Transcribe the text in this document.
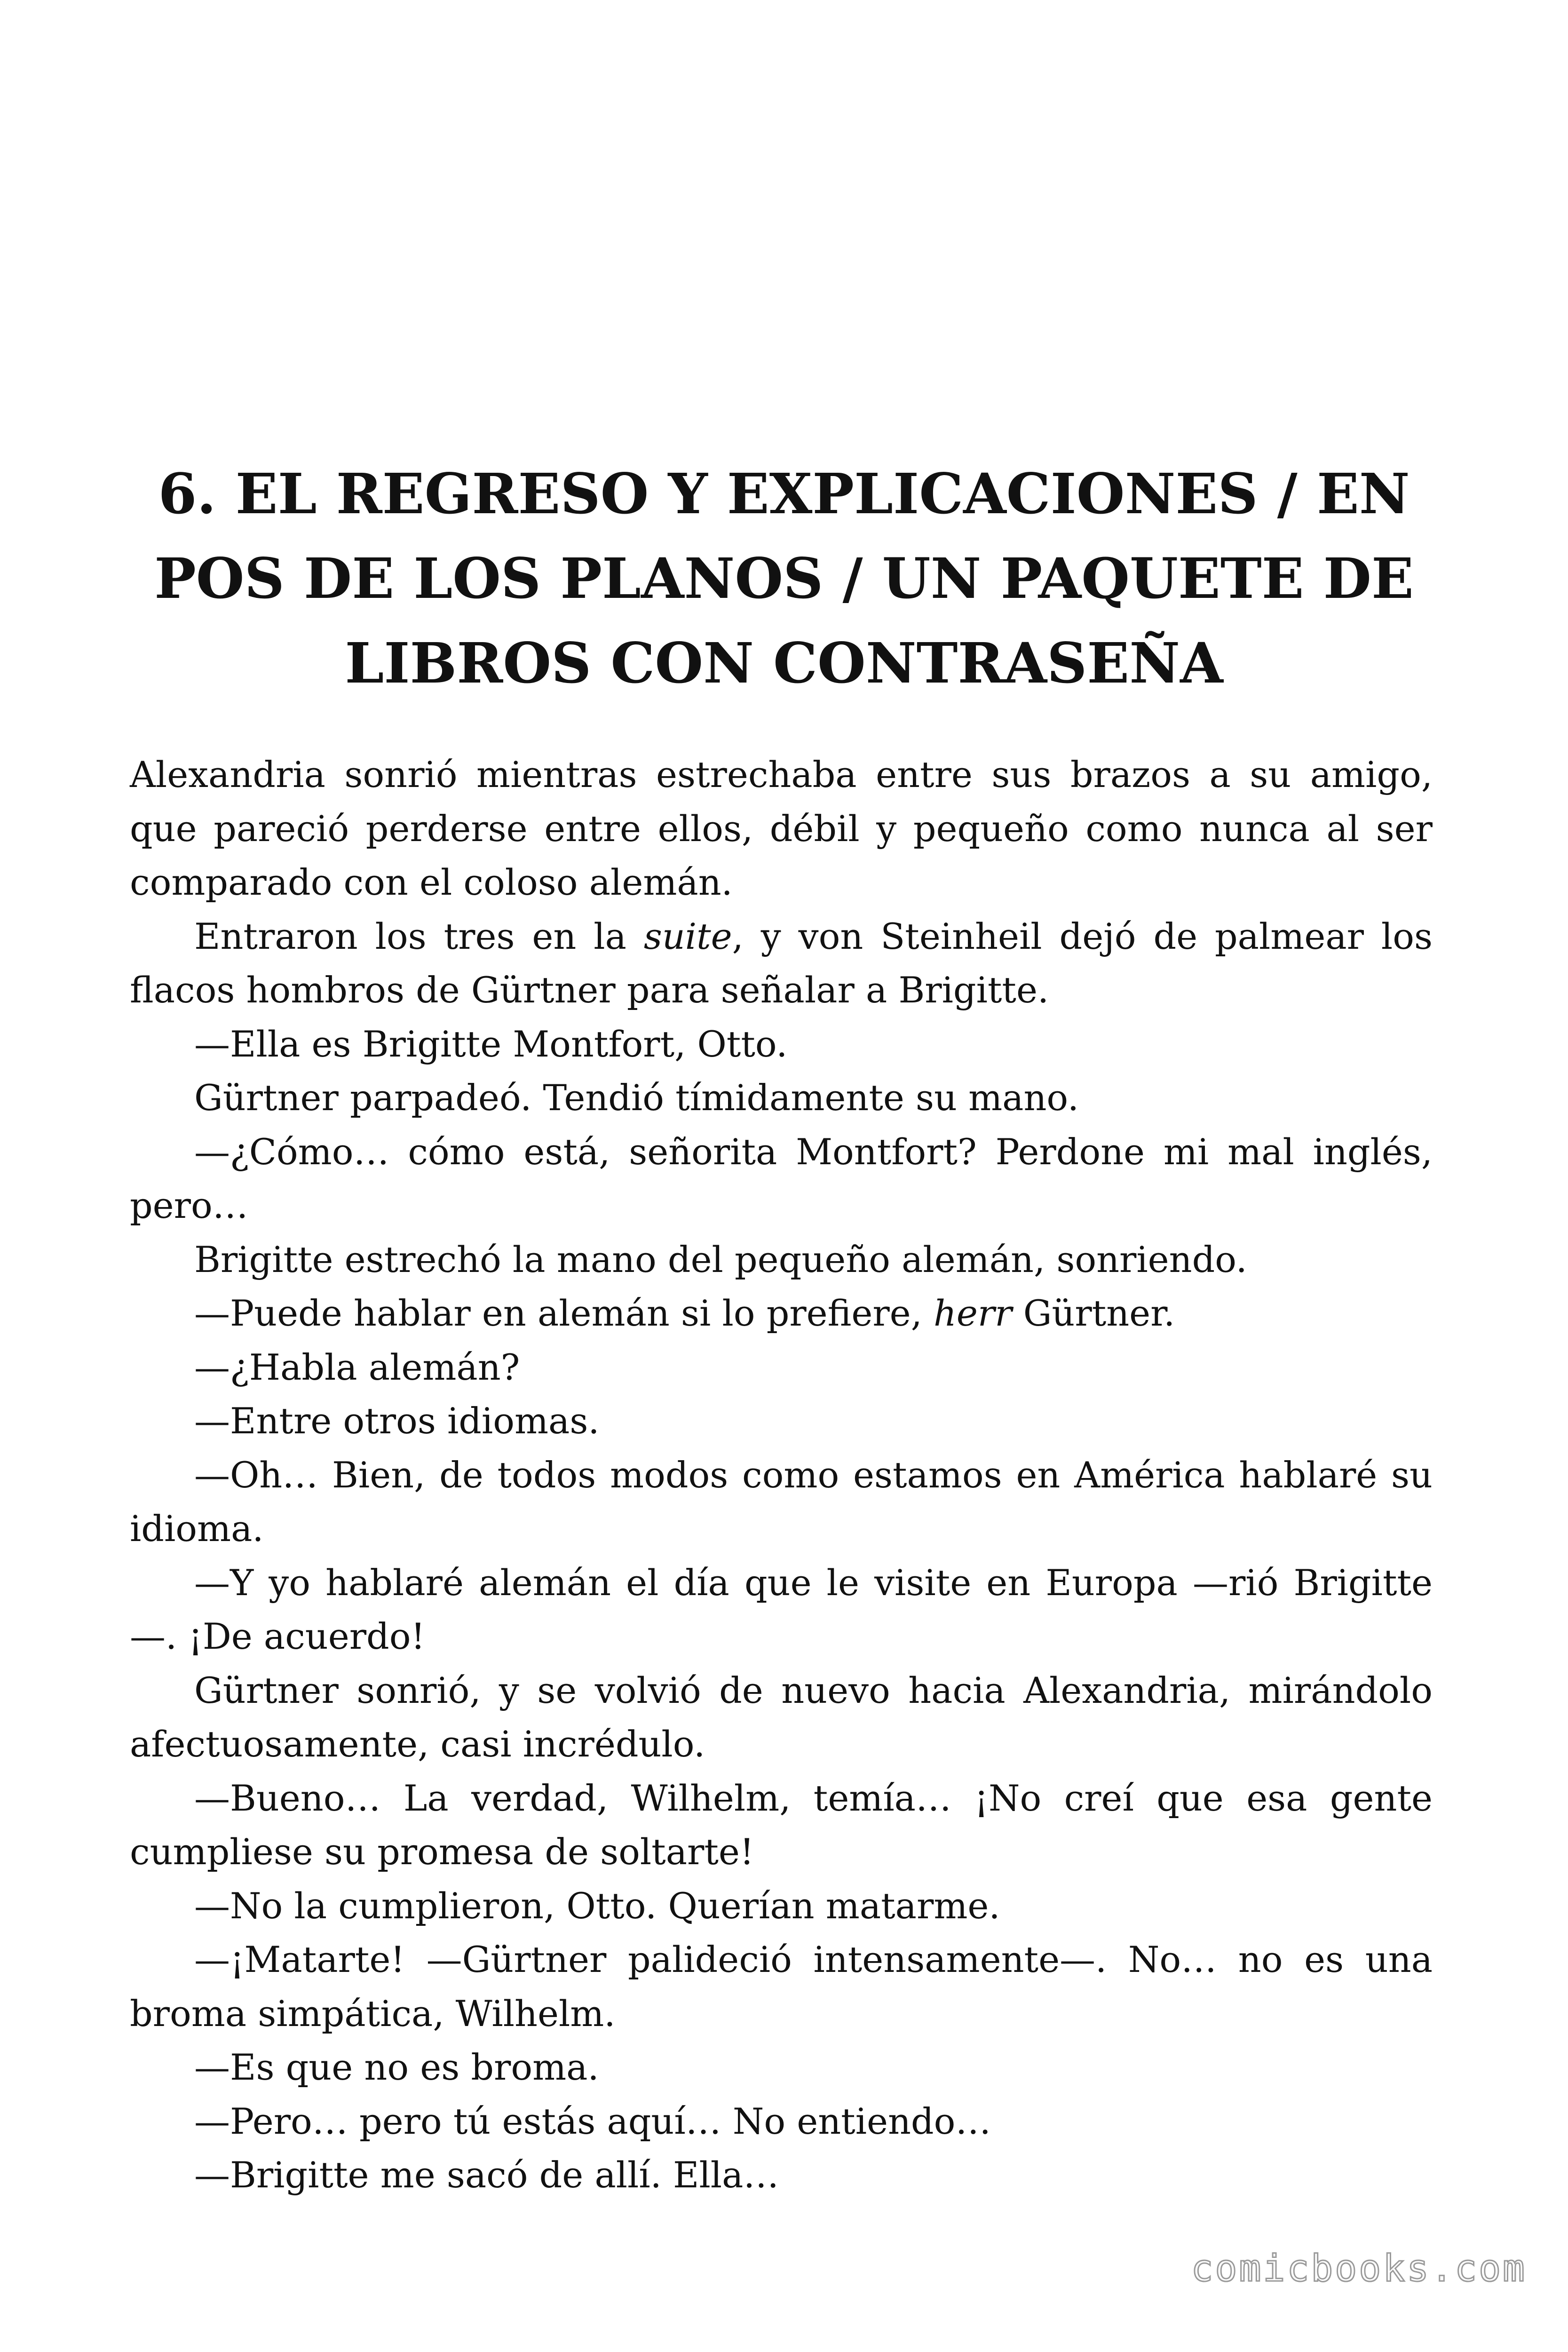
6. EL REGRESO Y EXPLICACIONES / EN
POS DE LOS PLANOS / UN PAQUETE DE
LIBROS CON CONTRASEÑA

Alexandria sonrió mientras estrechaba entre sus brazos a su amigo, que pareció perderse entre ellos, débil y pequeño como nunca al ser comparado con el coloso alemán.

Entraron los tres en la suite, y von Steinheil dejó de palmear los flacos hombros de Gürtner para señalar a Brigitte.

—Ella es Brigitte Montfort, Otto.

Gürtner parpadeó. Tendió tímidamente su mano.

—¿Cómo… cómo está, señorita Montfort? Perdone mi mal inglés, pero…

Brigitte estrechó la mano del pequeño alemán, sonriendo.

—Puede hablar en alemán si lo prefiere, herr Gürtner.

—¿Habla alemán?

—Entre otros idiomas.

—Oh… Bien, de todos modos como estamos en América hablaré su idioma.

—Y yo hablaré alemán el día que le visite en Europa —rió Brigitte—. ¡De acuerdo!

Gürtner sonrió, y se volvió de nuevo hacia Alexandria, mirándolo afectuosamente, casi incrédulo.

—Bueno… La verdad, Wilhelm, temía… ¡No creí que esa gente cumpliese su promesa de soltarte!

—No la cumplieron, Otto. Querían matarme.

—¡Matarte! —Gürtner palideció intensamente—. No… no es una broma simpática, Wilhelm.

—Es que no es broma.

—Pero… pero tú estás aquí… No entiendo…

—Brigitte me sacó de allí. Ella…

comicbooks.com
